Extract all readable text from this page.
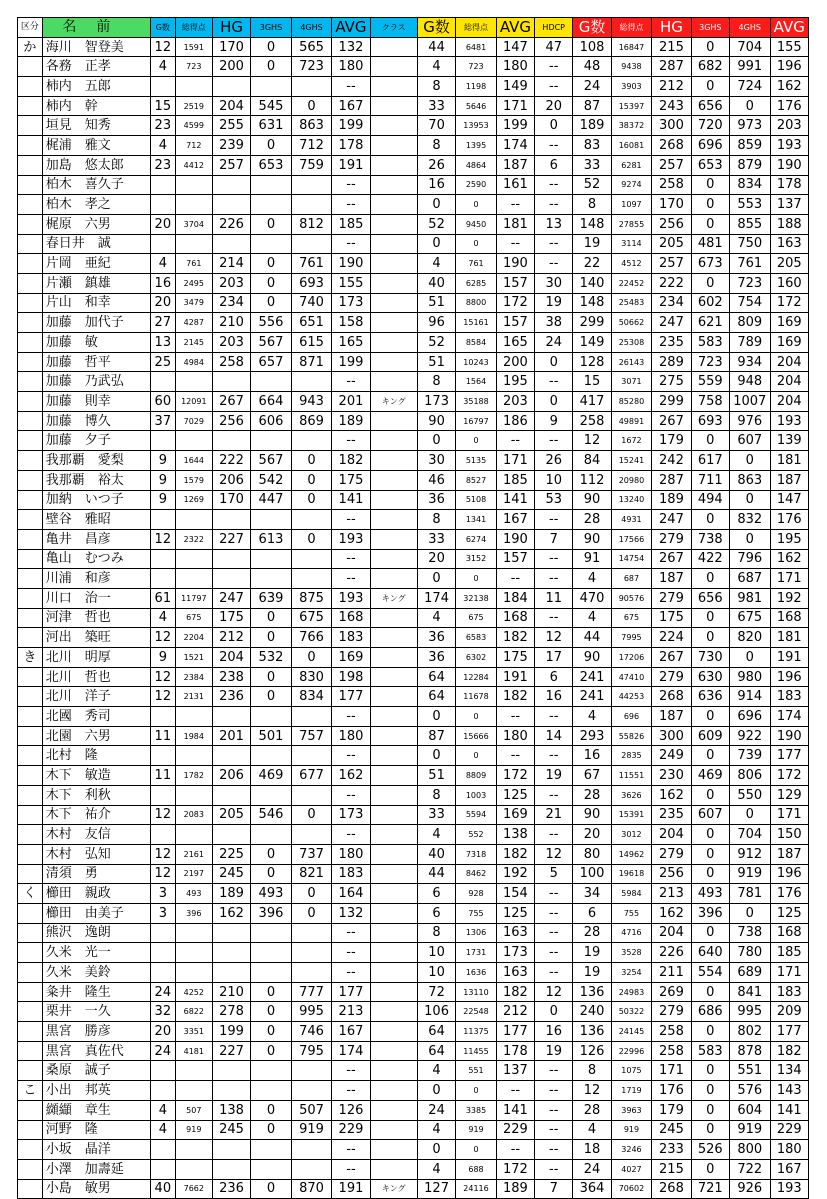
区分	名前	G数	総得点	HG	3GHS	4GHS	AVG	クラス	G数	総得点	AVG	HDCP	G数	総得点	HG	3GHS	4GHS	AVG
か	海川　智登美	12	1591	170	0	565	132		44	6481	147	47	108	16847	215	0	704	155
	各務　正孝	4	723	200	0	723	180		4	723	180	--	48	9438	287	682	991	196
	柿内　五郎						--		8	1198	149	--	24	3903	212	0	724	162
	柿内　幹	15	2519	204	545	0	167		33	5646	171	20	87	15397	243	656	0	176
	垣見　知秀	23	4599	255	631	863	199		70	13953	199	0	189	38372	300	720	973	203
	梶浦　雅文	4	712	239	0	712	178		8	1395	174	--	83	16081	268	696	859	193
	加島　悠太郎	23	4412	257	653	759	191		26	4864	187	6	33	6281	257	653	879	190
	柏木　喜久子						--		16	2590	161	--	52	9274	258	0	834	178
	柏木　孝之						--		0	0	--	--	8	1097	170	0	553	137
	梶原　六男	20	3704	226	0	812	185		52	9450	181	13	148	27855	256	0	855	188
	春日井　誠						--		0	0	--	--	19	3114	205	481	750	163
	片岡　亜紀	4	761	214	0	761	190		4	761	190	--	22	4512	257	673	761	205
	片瀬　鎮雄	16	2495	203	0	693	155		40	6285	157	30	140	22452	222	0	723	160
	片山　和幸	20	3479	234	0	740	173		51	8800	172	19	148	25483	234	602	754	172
	加藤　加代子	27	4287	210	556	651	158		96	15161	157	38	299	50662	247	621	809	169
	加藤　敏	13	2145	203	567	615	165		52	8584	165	24	149	25308	235	583	789	169
	加藤　哲平	25	4984	258	657	871	199		51	10243	200	0	128	26143	289	723	934	204
	加藤　乃武弘						--		8	1564	195	--	15	3071	275	559	948	204
	加藤　則幸	60	12091	267	664	943	201	キング	173	35188	203	0	417	85280	299	758	1007	204
	加藤　博久	37	7029	256	606	869	189		90	16797	186	9	258	49891	267	693	976	193
	加藤　夕子						--		0	0	--	--	12	1672	179	0	607	139
	我那覇　愛梨	9	1644	222	567	0	182		30	5135	171	26	84	15241	242	617	0	181
	我那覇　裕太	9	1579	206	542	0	175		46	8527	185	10	112	20980	287	711	863	187
	加納　いつ子	9	1269	170	447	0	141		36	5108	141	53	90	13240	189	494	0	147
	壁谷　雅昭						--		8	1341	167	--	28	4931	247	0	832	176
	亀井　昌彦	12	2322	227	613	0	193		33	6274	190	7	90	17566	279	738	0	195
	亀山　むつみ						--		20	3152	157	--	91	14754	267	422	796	162
	川浦　和彦						--		0	0	--	--	4	687	187	0	687	171
	川口　治一	61	11797	247	639	875	193	キング	174	32138	184	11	470	90576	279	656	981	192
	河津　哲也	4	675	175	0	675	168		4	675	168	--	4	675	175	0	675	168
	河出　築旺	12	2204	212	0	766	183		36	6583	182	12	44	7995	224	0	820	181
き	北川　明厚	9	1521	204	532	0	169		36	6302	175	17	90	17206	267	730	0	191
	北川　哲也	12	2384	238	0	830	198		64	12284	191	6	241	47410	279	630	980	196
	北川　洋子	12	2131	236	0	834	177		64	11678	182	16	241	44253	268	636	914	183
	北國　秀司						--		0	0	--	--	4	696	187	0	696	174
	北園　六男	11	1984	201	501	757	180		87	15666	180	14	293	55826	300	609	922	190
	北村　隆						--		0	0	--	--	16	2835	249	0	739	177
	木下　敏造	11	1782	206	469	677	162		51	8809	172	19	67	11551	230	469	806	172
	木下　利秋						--		8	1003	125	--	28	3626	162	0	550	129
	木下　祐介	12	2083	205	546	0	173		33	5594	169	21	90	15391	235	607	0	171
	木村　友信						--		4	552	138	--	20	3012	204	0	704	150
	木村　弘知	12	2161	225	0	737	180		40	7318	182	12	80	14962	279	0	912	187
	清須　勇	12	2197	245	0	821	183		44	8462	192	5	100	19618	256	0	919	196
く	櫛田　親政	3	493	189	493	0	164		6	928	154	--	34	5984	213	493	781	176
	櫛田　由美子	3	396	162	396	0	132		6	755	125	--	6	755	162	396	0	125
	熊沢　逸朗						--		8	1306	163	--	28	4716	204	0	738	168
	久米　光一						--		10	1731	173	--	19	3528	226	640	780	185
	久米　美鈴						--		10	1636	163	--	19	3254	211	554	689	171
	粂井　隆生	24	4252	210	0	777	177		72	13110	182	12	136	24983	269	0	841	183
	栗井　一久	32	6822	278	0	995	213		106	22548	212	0	240	50322	279	686	995	209
	黒宮　勝彦	20	3351	199	0	746	167		64	11375	177	16	136	24145	258	0	802	177
	黒宮　真佐代	24	4181	227	0	795	174		64	11455	178	19	126	22996	258	583	878	182
	桑原　誠子						--		4	551	137	--	8	1075	171	0	551	134
こ	小出　邦英						--		0	0	--	--	12	1719	176	0	576	143
	纐纈　章生	4	507	138	0	507	126		24	3385	141	--	28	3963	179	0	604	141
	河野　隆	4	919	245	0	919	229		4	919	229	--	4	919	245	0	919	229
	小坂　晶洋						--		0	0	--	--	18	3246	233	526	800	180
	小澤　加壽延						--		4	688	172	--	24	4027	215	0	722	167
	小島　敏男	40	7662	236	0	870	191	キング	127	24116	189	7	364	70602	268	721	926	193
